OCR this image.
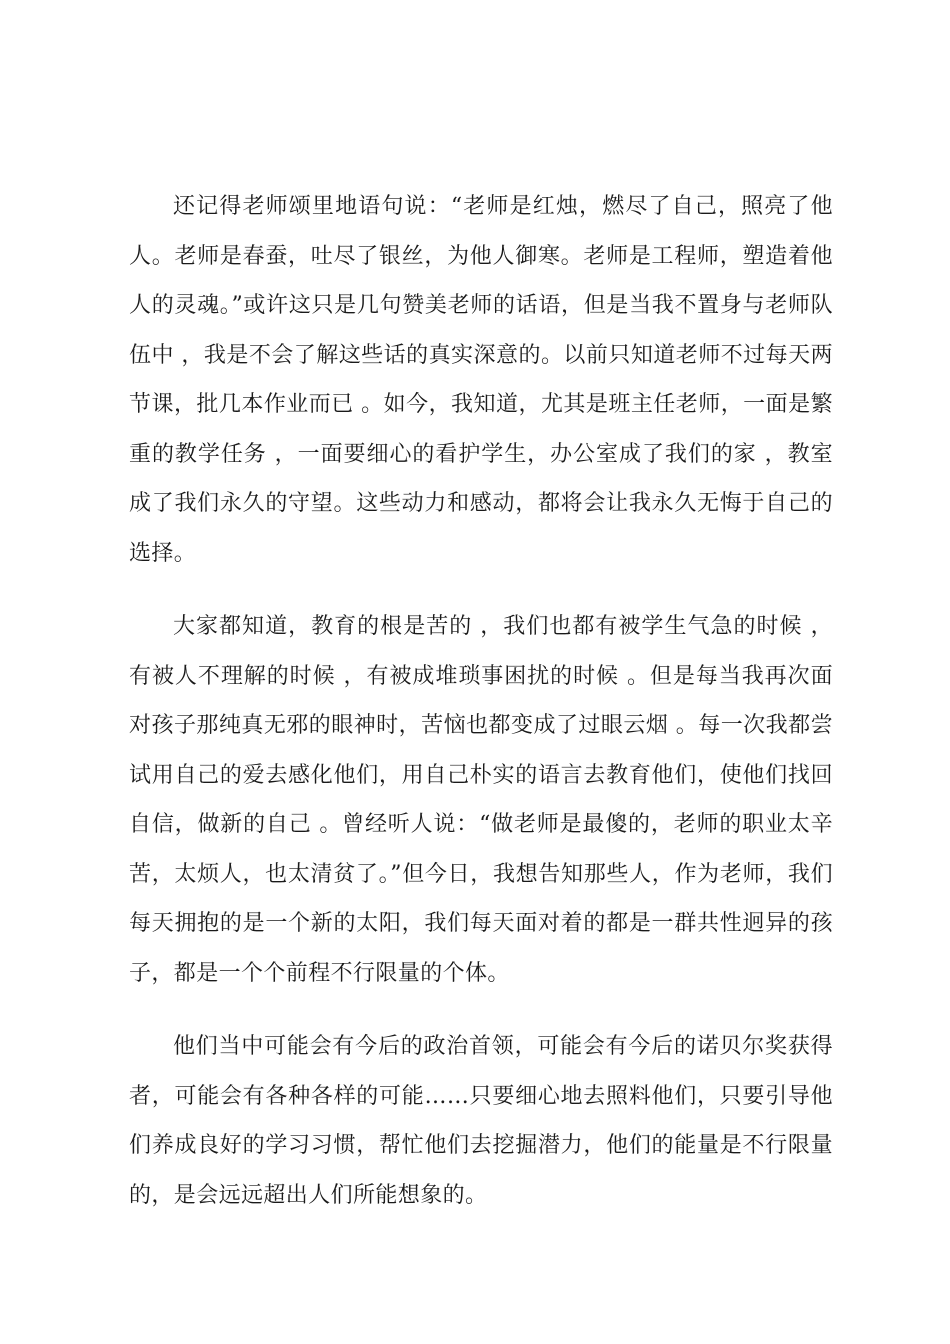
还记得老师颂里地语句说：“老师是红烛，燃尽了自己，照亮了他人。老师是春蚕，吐尽了银丝，为他人御寒。老师是工程师，塑造着他人的灵魂。”或许这只是几句赞美老师的话语，但是当我不置身与老师队伍中 ，我是不会了解这些话的真实深意的。以前只知道老师不过每天两节课，批几本作业而已 。如今，我知道，尤其是班主任老师，一面是繁重的教学任务 ，一面要细心的看护学生，办公室成了我们的家 ，教室成了我们永久的守望。这些动力和感动，都将会让我永久无悔于自己的选择。

大家都知道，教育的根是苦的 ，我们也都有被学生气急的时候 ，有被人不理解的时候 ，有被成堆琐事困扰的时候 。但是每当我再次面对孩子那纯真无邪的眼神时，苦恼也都变成了过眼云烟 。每一次我都尝试用自己的爱去感化他们，用自己朴实的语言去教育他们，使他们找回自信，做新的自己 。曾经听人说：“做老师是最傻的，老师的职业太辛苦，太烦人，也太清贫了。”但今日，我想告知那些人，作为老师，我们每天拥抱的是一个新的太阳，我们每天面对着的都是一群共性迥异的孩子，都是一个个前程不行限量的个体。

他们当中可能会有今后的政治首领，可能会有今后的诺贝尔奖获得者，可能会有各种各样的可能……只要细心地去照料他们，只要引导他们养成良好的学习习惯，帮忙他们去挖掘潜力，他们的能量是不行限量的，是会远远超出人们所能想象的。
